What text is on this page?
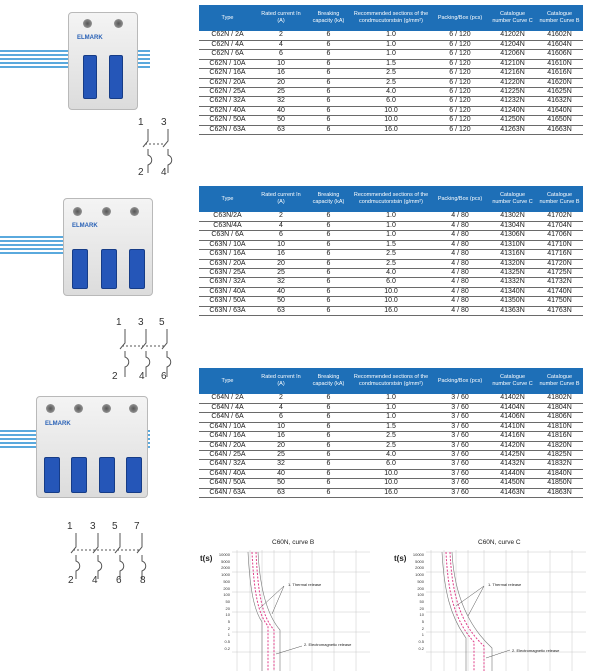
ELMARK
ELMARK
ELMARK
1 3
2 4
1 3 5
2 4 6
1 3 5 7
2 4 6 8
Type	Rated current In (A)	Breaking capacity (kA)	Recommended sections of the condmucutorstsin (g/mm²)	Packing/Box (pcs)	Catalogue number Curve C	Catalogue number Curve B
C62N / 2A	2	6	1.0	6 / 120	41202N	41602N
C62N / 4A	4	6	1.0	6 / 120	41204N	41604N
C62N / 6A	6	6	1.0	6 / 120	41206N	41606N
C62N / 10A	10	6	1.5	6 / 120	41210N	41610N
C62N / 16A	16	6	2.5	6 / 120	41216N	41616N
C62N / 20A	20	6	2.5	6 / 120	41220N	41620N
C62N / 25A	25	6	4.0	6 / 120	41225N	41625N
C62N / 32A	32	6	6.0	6 / 120	41232N	41632N
C62N / 40A	40	6	10.0	6 / 120	41240N	41640N
C62N / 50A	50	6	10.0	6 / 120	41250N	41650N
C62N / 63A	63	6	16.0	6 / 120	41263N	41663N
Type	Rated current In (A)	Breaking capacity (kA)	Recommended sections of the condmucutorstsin (g/mm²)	Packing/Box (pcs)	Catalogue number Curve C	Catalogue number Curve B
C63N/2A	2	6	1.0	4 / 80	41302N	41702N
C63N/4A	4	6	1.0	4 / 80	41304N	41704N
C63N / 6A	6	6	1.0	4 / 80	41306N	41706N
C63N / 10A	10	6	1.5	4 / 80	41310N	41710N
C63N / 16A	16	6	2.5	4 / 80	41316N	41716N
C63N / 20A	20	6	2.5	4 / 80	41320N	41720N
C63N / 25A	25	6	4.0	4 / 80	41325N	41725N
C63N / 32A	32	6	6.0	4 / 80	41332N	41732N
C63N / 40A	40	6	10.0	4 / 80	41340N	41740N
C63N / 50A	50	6	10.0	4 / 80	41350N	41750N
C63N / 63A	63	6	16.0	4 / 80	41363N	41763N
Type	Rated current In (A)	Breaking capacity (kA)	Recommended sections of the condmucutorstsin (g/mm²)	Packing/Box (pcs)	Catalogue number Curve C	Catalogue number Curve B
C64N / 2A	2	6	1.0	3 / 60	41402N	41802N
C64N / 4A	4	6	1.0	3 / 60	41404N	41804N
C64N / 6A	6	6	1.0	3 / 60	41406N	41806N
C64N / 10A	10	6	1.5	3 / 60	41410N	41810N
C64N / 16A	16	6	2.5	3 / 60	41416N	41816N
C64N / 20A	20	6	2.5	3 / 60	41420N	41820N
C64N / 25A	25	6	4.0	3 / 60	41425N	41825N
C64N / 32A	32	6	6.0	3 / 60	41432N	41832N
C64N / 40A	40	6	10.0	3 / 60	41440N	41840N
C64N / 50A	50	6	10.0	3 / 60	41450N	41850N
C64N / 63A	63	6	16.0	3 / 60	41463N	41863N
C60N, curve B
t(s)	10000
5000
2000
1000
500
200
100
50
20
10
5
2
1
0.5
0.2
1. Thermal release
2. Electromagnetic release
C60N, curve C
t(s)	10000
5000
2000
1000
500
200
100
50
20
10
5
2
1
0.5
0.2
1. Thermal release
2. Electromagnetic release
